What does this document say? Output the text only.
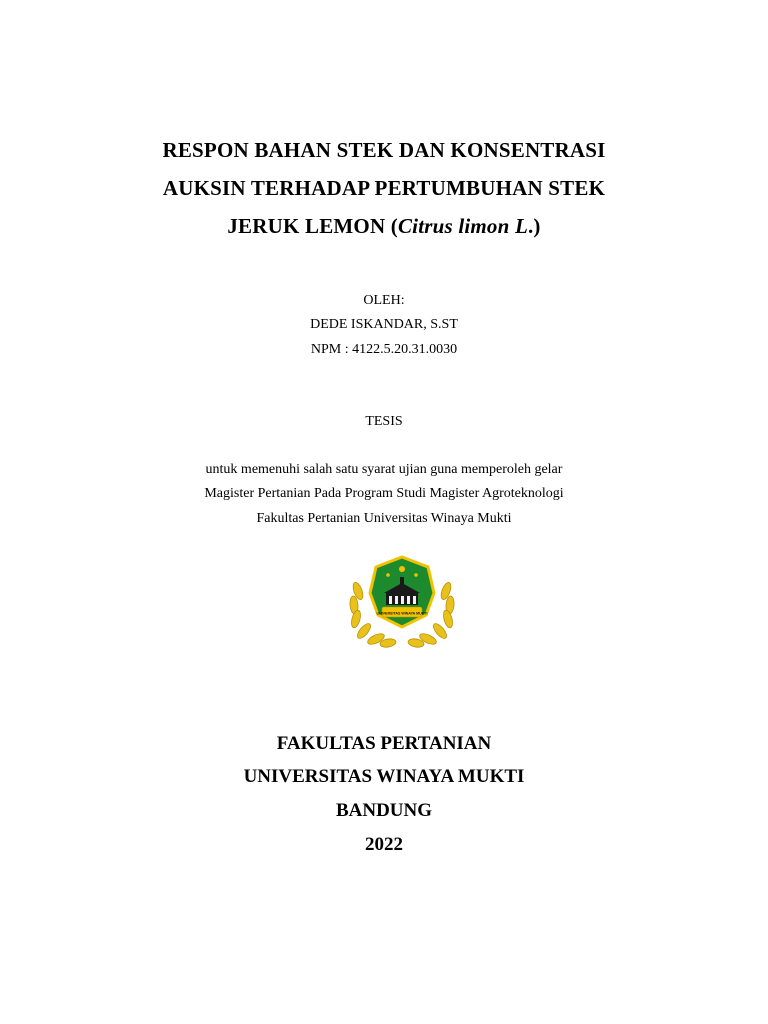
RESPON BAHAN STEK DAN KONSENTRASI
AUKSIN TERHADAP PERTUMBUHAN STEK
JERUK LEMON (Citrus limon L.)
OLEH:
DEDE ISKANDAR, S.ST
NPM : 4122.5.20.31.0030
TESIS
untuk memenuhi salah satu syarat ujian guna memperoleh gelar
Magister Pertanian Pada Program Studi Magister Agroteknologi
Fakultas Pertanian Universitas Winaya Mukti
UNIVERSITAS WINAYA MUKTI
FAKULTAS PERTANIAN
UNIVERSITAS WINAYA MUKTI
BANDUNG
2022
